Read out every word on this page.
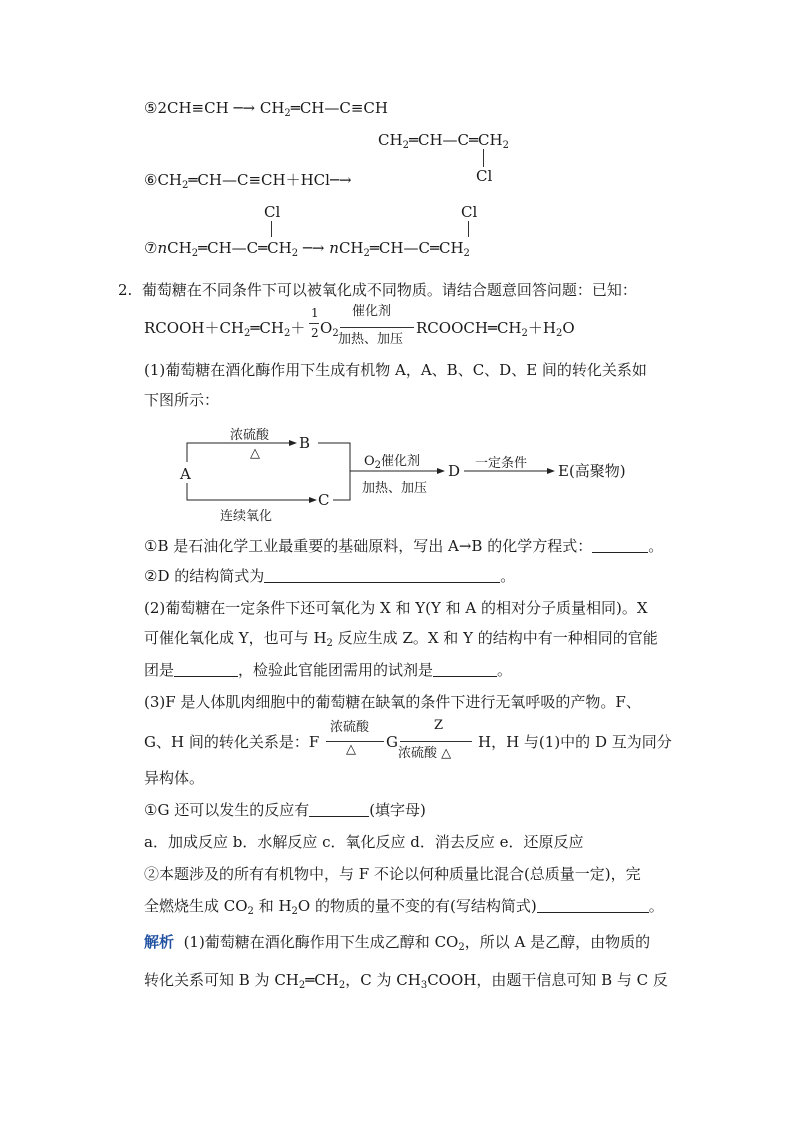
⑤2CH≡CH ─→ $CH_2═CH—C\equiv CH$
$CH_2═CH—C═CH_2$
Cl
$⑥CH_2═CH—C\equiv CH+HCl─\to$
Cl	Cl
$⑦nCH_2═CH—C═CH_2$ ─→ $nCH_2═CH—C═CH_2$
2. 葡萄糖在不同条件下可以被氧化成不同物质。请结合题意回答问题：已知：
$RCOOH+CH_2═CH_2+$
1
2 $O_2$
催化剂
加热、加压
$RCOOCH═CH_2+H_2O$
(1)葡萄糖在酒化酶作用下生成有机物 A，A、B、C、D、E 间的转化关系如
下图所示：
A
B
C
D	E(高聚物)
浓硫酸
△
连续氧化
$O_2$催化剂
加热、加压
一定条件
①B 是石油化学工业最重要的基础原料，写出 A→B 的化学方程式：	。
②D 的结构简式为	。
(2)葡萄糖在一定条件下还可氧化为 X 和 Y(Y 和 A 的相对分子质量相同)。X
可催化氧化成 Y，也可与 $H_2$ 反应生成 Z。X 和 Y 的结构中有一种相同的官能
团是	，检验此官能团需用的试剂是	。
(3)F 是人体肌肉细胞中的葡萄糖在缺氧的条件下进行无氧呼吸的产物。F、
G、H 间的转化关系是：F
浓硫酸
△ G
Z
浓硫酸 △
H，H 与(1)中的 D 互为同分
异构体。
①G 还可以发生的反应有	(填字母)
a．加成反应 b．水解反应 c．氧化反应 d．消去反应 e．还原反应
②本题涉及的所有有机物中，与 F 不论以何种质量比混合(总质量一定)，完
全燃烧生成 $CO_2$ 和 $H_2O$ 的物质的量不变的有(写结构简式)	。
解析 (1)葡萄糖在酒化酶作用下生成乙醇和 $CO_2$，所以 A 是乙醇，由物质的
转化关系可知 B 为 $CH_2═CH_2$，C 为 $CH_3COOH$，由题干信息可知 B 与 C 反
